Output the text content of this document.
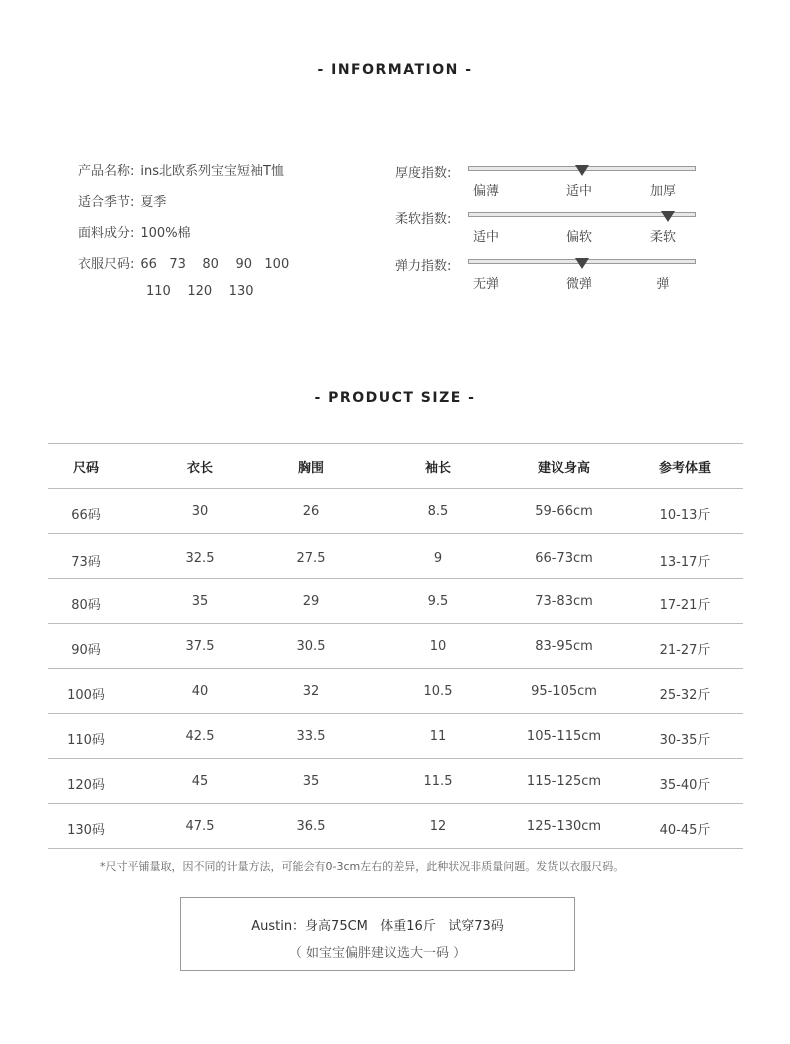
- INFORMATION -
产品名称: ins北欧系列宝宝短袖T恤
适合季节: 夏季
面料成分: 100%棉
衣服尺码: 66   73    80    90   100
110    120    130
厚度指数:
偏薄	适中	加厚
柔软指数:
适中	偏软	柔软
弹力指数:
无弹	微弹	弹
- PRODUCT SIZE -
尺码	衣长	胸围	袖长	建议身高	参考体重
66码	30	26	8.5	59-66cm	10-13斤
73码	32.5	27.5	9	66-73cm	13-17斤
80码	35	29	9.5	73-83cm	17-21斤
90码	37.5	30.5	10	83-95cm	21-27斤
100码	40	32	10.5	95-105cm	25-32斤
110码	42.5	33.5	11	105-115cm	30-35斤
120码	45	35	11.5	115-125cm	35-40斤
130码	47.5	36.5	12	125-130cm	40-45斤
*尺寸平铺量取，因不同的计量方法，可能会有0-3cm左右的差异，此种状况非质量问题。发货以衣服尺码。
Austin：身高75CM   体重16斤   试穿73码
（ 如宝宝偏胖建议选大一码 ）
